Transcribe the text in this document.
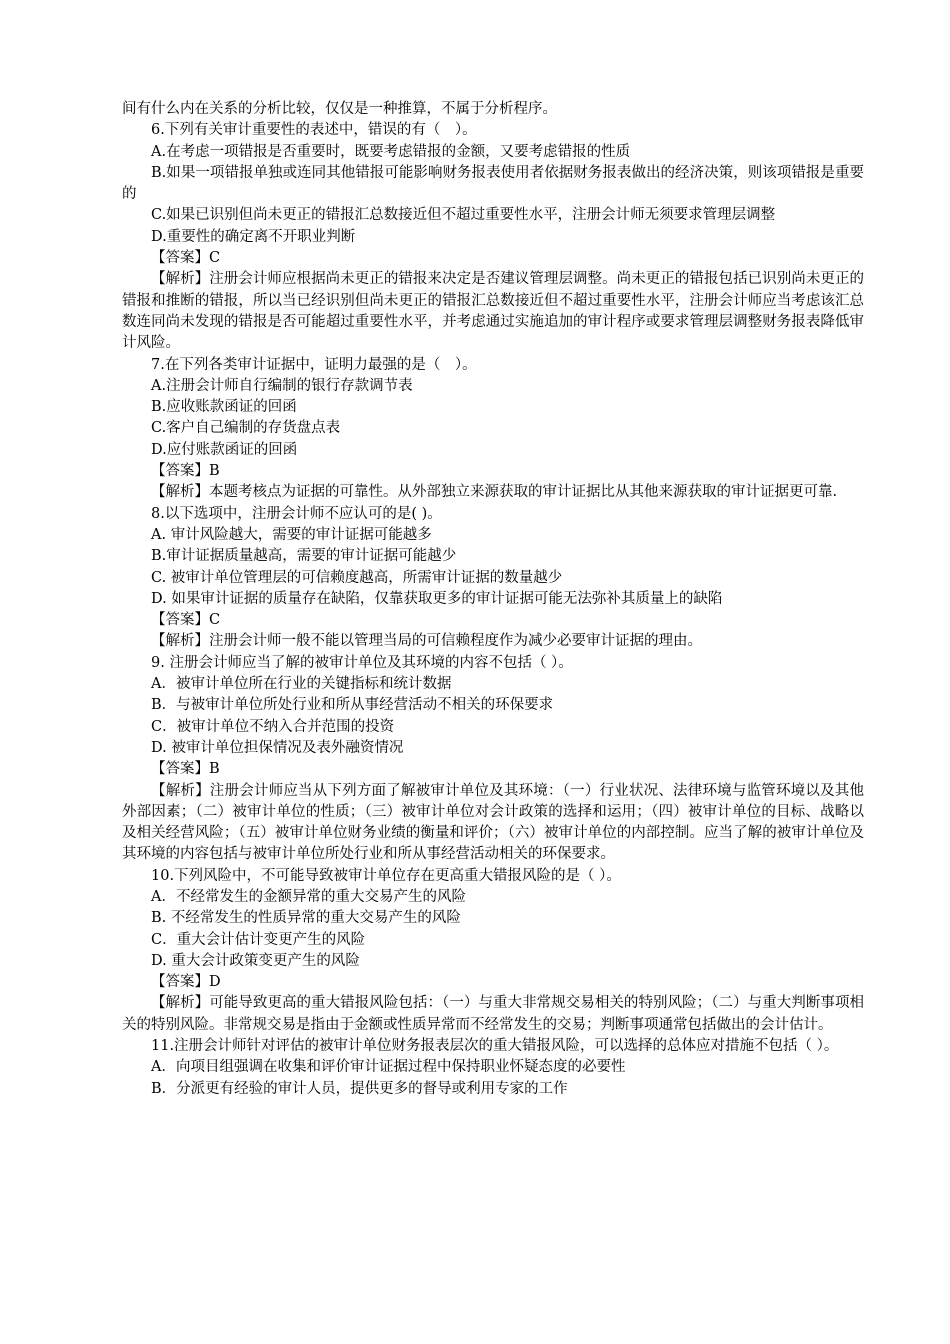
间有什么内在关系的分析比较，仅仅是一种推算，不属于分析程序。

6.下列有关审计重要性的表述中，错误的有（　）。

A.在考虑一项错报是否重要时，既要考虑错报的金额，又要考虑错报的性质

B.如果一项错报单独或连同其他错报可能影响财务报表使用者依据财务报表做出的经济决策，则该项错报是重要的

C.如果已识别但尚未更正的错报汇总数接近但不超过重要性水平，注册会计师无须要求管理层调整

D.重要性的确定离不开职业判断

【答案】C

【解析】注册会计师应根据尚未更正的错报来决定是否建议管理层调整。尚未更正的错报包括已识别尚未更正的错报和推断的错报，所以当已经识别但尚未更正的错报汇总数接近但不超过重要性水平，注册会计师应当考虑该汇总数连同尚未发现的错报是否可能超过重要性水平，并考虑通过实施追加的审计程序或要求管理层调整财务报表降低审计风险。

7.在下列各类审计证据中，证明力最强的是（　）。

A.注册会计师自行编制的银行存款调节表

B.应收账款函证的回函

C.客户自己编制的存货盘点表

D.应付账款函证的回函

【答案】B

【解析】本题考核点为证据的可靠性。从外部独立来源获取的审计证据比从其他来源获取的审计证据更可靠.

8.以下选项中，注册会计师不应认可的是( )。

A. 审计风险越大，需要的审计证据可能越多

B.审计证据质量越高，需要的审计证据可能越少

C. 被审计单位管理层的可信赖度越高，所需审计证据的数量越少

D. 如果审计证据的质量存在缺陷，仅靠获取更多的审计证据可能无法弥补其质量上的缺陷

【答案】C

【解析】注册会计师一般不能以管理当局的可信赖程度作为减少必要审计证据的理由。

9. 注册会计师应当了解的被审计单位及其环境的内容不包括（ ）。

A．被审计单位所在行业的关键指标和统计数据

B．与被审计单位所处行业和所从事经营活动不相关的环保要求

C．被审计单位不纳入合并范围的投资

D. 被审计单位担保情况及表外融资情况

【答案】B

【解析】注册会计师应当从下列方面了解被审计单位及其环境：（一）行业状况、法律环境与监管环境以及其他外部因素；（二）被审计单位的性质；（三）被审计单位对会计政策的选择和运用；（四）被审计单位的目标、战略以及相关经营风险；（五）被审计单位财务业绩的衡量和评价；（六）被审计单位的内部控制。应当了解的被审计单位及其环境的内容包括与被审计单位所处行业和所从事经营活动相关的环保要求。

10.下列风险中，不可能导致被审计单位存在更高重大错报风险的是（ ）。

A．不经常发生的金额异常的重大交易产生的风险

B. 不经常发生的性质异常的重大交易产生的风险

C．重大会计估计变更产生的风险

D. 重大会计政策变更产生的风险

【答案】D

【解析】可能导致更高的重大错报风险包括：（一）与重大非常规交易相关的特别风险；（二）与重大判断事项相关的特别风险。非常规交易是指由于金额或性质异常而不经常发生的交易；判断事项通常包括做出的会计估计。

11.注册会计师针对评估的被审计单位财务报表层次的重大错报风险，可以选择的总体应对措施不包括（ ）。

A．向项目组强调在收集和评价审计证据过程中保持职业怀疑态度的必要性

B．分派更有经验的审计人员，提供更多的督导或利用专家的工作
